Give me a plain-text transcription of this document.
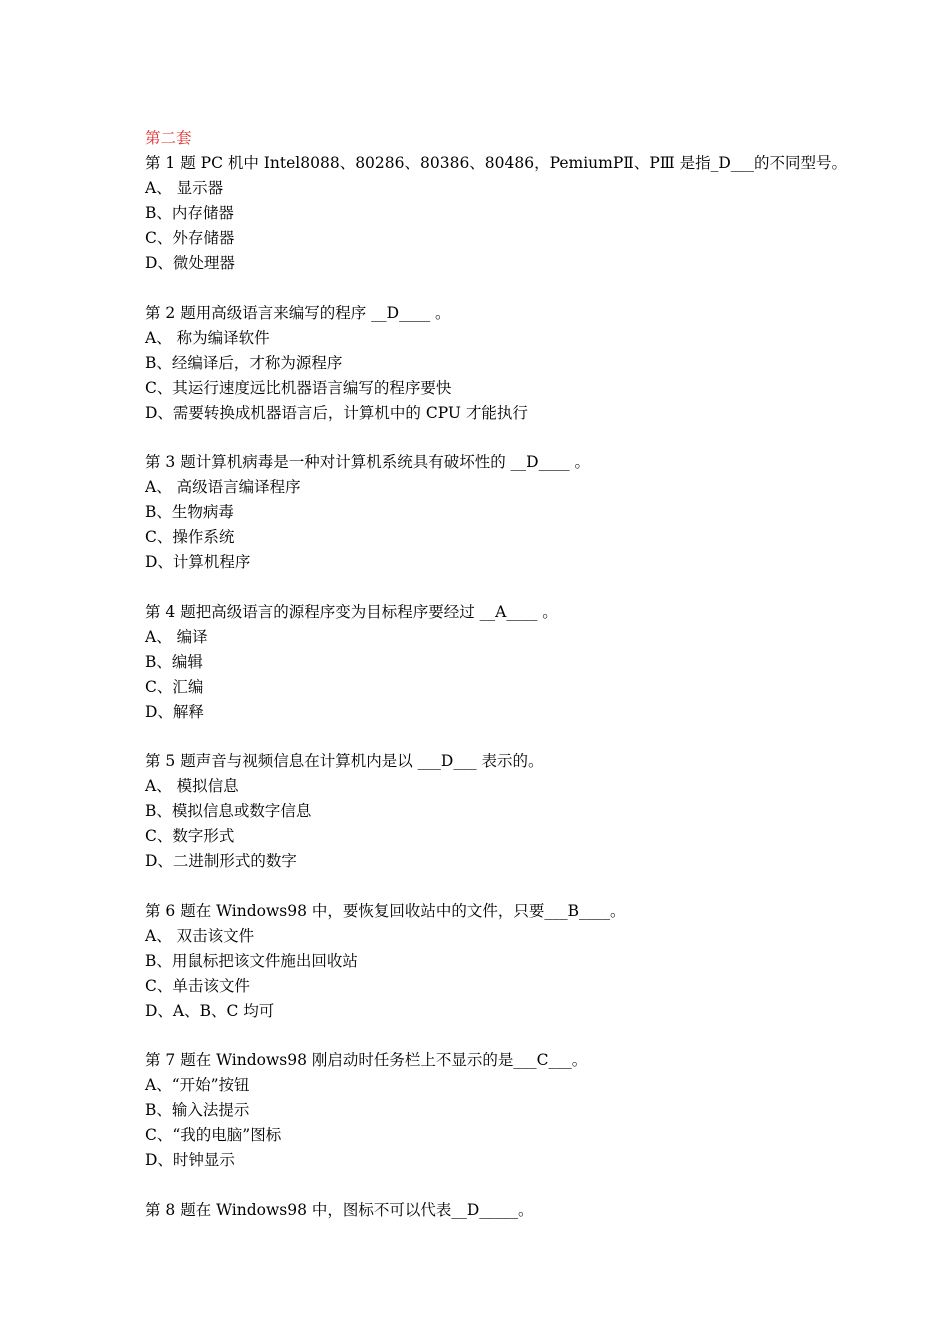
第二套
第 1 题 PC 机中 Intel8088、80286、80386、80486，PemiumPⅡ、PⅢ 是指_D___的不同型号。
A、 显示器
B、内存储器
C、外存储器
D、微处理器
第 2 题用高级语言来编写的程序 __D____ 。
A、 称为编译软件
B、经编译后，才称为源程序
C、其运行速度远比机器语言编写的程序要快
D、需要转换成机器语言后，计算机中的 CPU 才能执行
第 3 题计算机病毒是一种对计算机系统具有破坏性的 __D____ 。
A、 高级语言编译程序
B、生物病毒
C、操作系统
D、计算机程序
第 4 题把高级语言的源程序变为目标程序要经过 __A____ 。
A、 编译
B、编辑
C、汇编
D、解释
第 5 题声音与视频信息在计算机内是以 ___D___ 表示的。
A、 模拟信息
B、模拟信息或数字信息
C、数字形式
D、二进制形式的数字
第 6 题在 Windows98 中，要恢复回收站中的文件，只要___B____。
A、 双击该文件
B、用鼠标把该文件施出回收站
C、单击该文件
D、A、B、C 均可
第 7 题在 Windows98 刚启动时任务栏上不显示的是___C___。
A、“开始”按钮
B、输入法提示
C、“我的电脑”图标
D、时钟显示
第 8 题在 Windows98 中，图标不可以代表__D_____。
